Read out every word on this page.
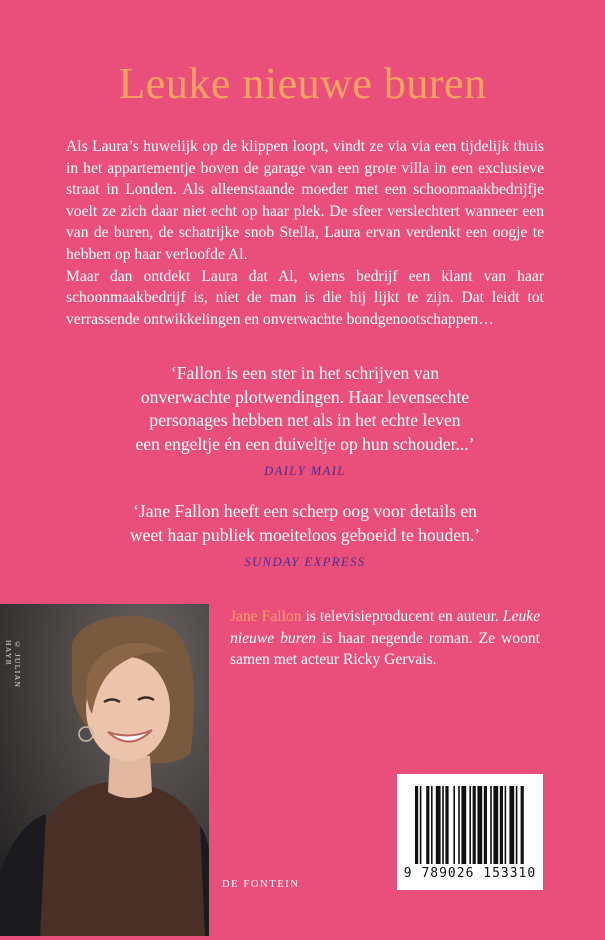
Leuke nieuwe buren

Als Laura’s huwelijk op de klippen loopt, vindt ze via via een tijdelijk thuis in het appartementje boven de garage van een grote villa in een exclusieve straat in Londen. Als alleenstaande moeder met een schoonmaakbedrijfje voelt ze zich daar niet echt op haar plek. De sfeer verslechtert wanneer een van de buren, de schatrijke snob Stella, Laura ervan verdenkt een oogje te hebben op haar verloofde Al.

Maar dan ontdekt Laura dat Al, wiens bedrijf een klant van haar schoonmaakbedrijf is, niet de man is die hij lijkt te zijn. Dat leidt tot verrassende ontwikkelingen en onverwachte bondgenootschappen…

‘Fallon is een ster in het schrijven van
onverwachte plotwendingen. Haar levensechte
personages hebben net als in het echte leven
een engeltje én een duiveltje op hun schouder...’
DAILY MAIL
‘Jane Fallon heeft een scherp oog voor details en
weet haar publiek moeiteloos geboeid te houden.’
SUNDAY EXPRESS
© JULIAN HAYR

Jane Fallon is televisieproducent en auteur. Leuke nieuwe buren is haar negende roman. Ze woont samen met acteur Ricky Gervais.

DE FONTEIN
9 789026 153310
